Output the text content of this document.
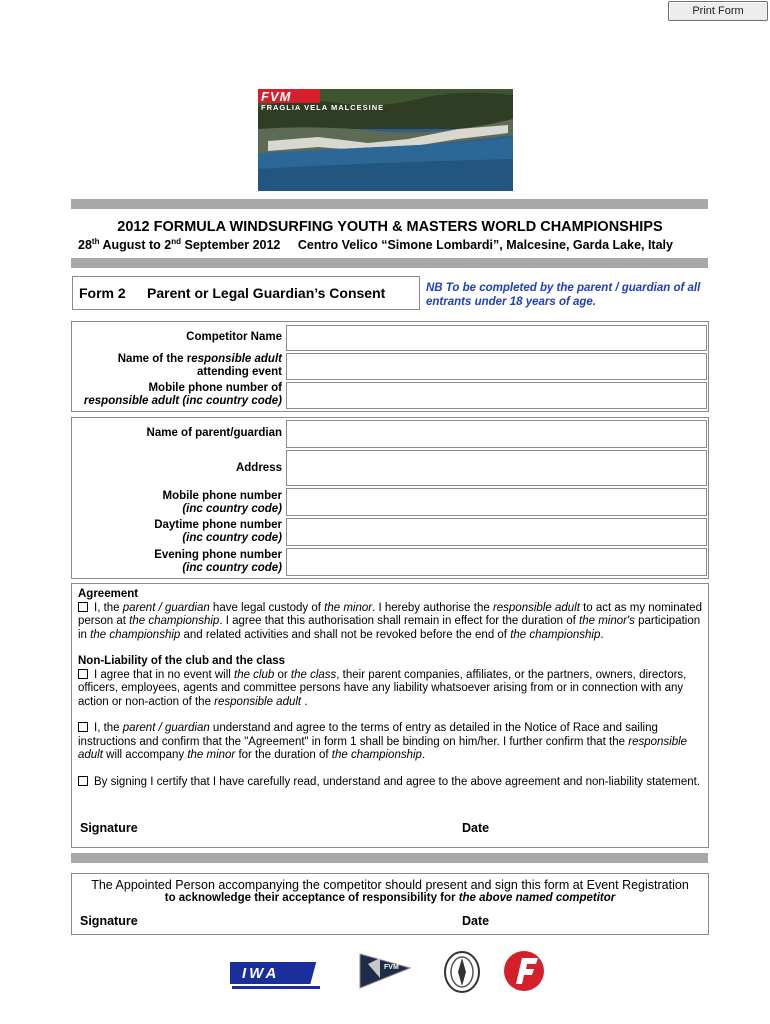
Print Form
FVM
FRAGLIA VELA MALCESINE
2012 FORMULA WINDSURFING YOUTH & MASTERS WORLD CHAMPIONSHIPS
28th August to 2nd September 2012 Centro Velico “Simone Lombardi”, Malcesine, Garda Lake, Italy
Form 2 Parent or Legal Guardian’s Consent	NB To be completed by the parent / guardian of all entrants under 18 years of age.
Competitor Name
Name of the responsible adult
attending event
Mobile phone number of
responsible adult (inc country code)
Name of parent/guardian
Address
Mobile phone number
(inc country code)
Daytime phone number
(inc country code)
Evening phone number
(inc country code)

Agreement

I, the parent / guardian have legal custody of the minor. I hereby authorise the responsible adult to act as my nominated person at the championship. I agree that this authorisation shall remain in effect for the duration of the minor's participation in the championship and related activities and shall not be revoked before the end of the championship.

Non-Liability of the club and the class

I agree that in no event will the club or the class, their parent companies, affiliates, or the partners, owners, directors, officers, employees, agents and committee persons have any liability whatsoever arising from or in connection with any action or non-action of the responsible adult .

I, the parent / guardian understand and agree to the terms of entry as detailed in the Notice of Race and sailing instructions and confirm that the "Agreement" in form 1 shall be binding on him/her. I further confirm that the responsible adult will accompany the minor for the duration of the championship.

By signing I certify that I have carefully read, understand and agree to the above agreement and non-liability statement.

Signature	Date
The Appointed Person accompanying the competitor should present and sign this form at Event Registration
to acknowledge their acceptance of responsibility for the above named competitor
Signature	Date
IWA	FVM
